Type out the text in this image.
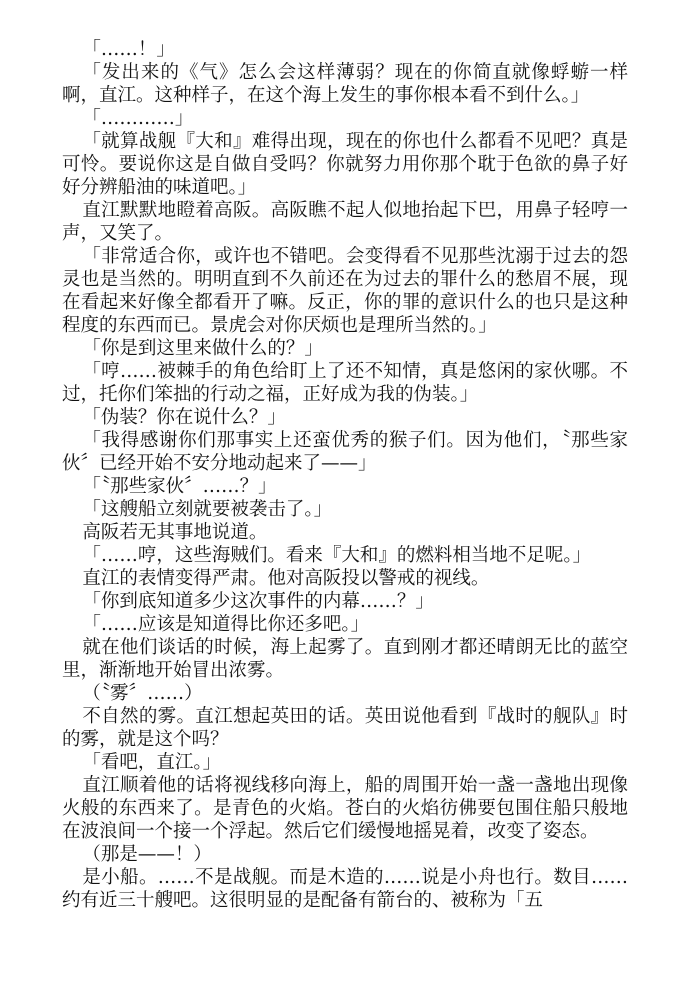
「……！」

「发出来的《气》怎么会这样薄弱？现在的你简直就像蜉蝣一样啊，直江。这种样子，在这个海上发生的事你根本看不到什么。」

「…………」

「就算战舰『大和』难得出现，现在的你也什么都看不见吧？真是可怜。要说你这是自做自受吗？你就努力用你那个耽于色欲的鼻子好好分辨船油的味道吧。」

直江默默地瞪着高阪。高阪瞧不起人似地抬起下巴，用鼻子轻哼一声，又笑了。

「非常适合你，或许也不错吧。会变得看不见那些沈溺于过去的怨灵也是当然的。明明直到不久前还在为过去的罪什么的愁眉不展，现在看起来好像全都看开了嘛。反正，你的罪的意识什么的也只是这种程度的东西而已。景虎会对你厌烦也是理所当然的。」

「你是到这里来做什么的？」

「哼……被棘手的角色给盯上了还不知情，真是悠闲的家伙哪。不过，托你们笨拙的行动之福，正好成为我的伪装。」

「伪装？你在说什么？」

「我得感谢你们那事实上还蛮优秀的猴子们。因为他们，〝那些家伙〞已经开始不安分地动起来了——」

「〝那些家伙〞……？」

「这艘船立刻就要被袭击了。」

高阪若无其事地说道。

「……哼，这些海贼们。看来『大和』的燃料相当地不足呢。」

直江的表情变得严肃。他对高阪投以警戒的视线。

「你到底知道多少这次事件的内幕……？」

「……应该是知道得比你还多吧。」

就在他们谈话的时候，海上起雾了。直到刚才都还晴朗无比的蓝空里，渐渐地开始冒出浓雾。

（〝雾〞……）

不自然的雾。直江想起英田的话。英田说他看到『战时的舰队』时的雾，就是这个吗？

「看吧，直江。」

直江顺着他的话将视线移向海上，船的周围开始一盏一盏地出现像火般的东西来了。是青色的火焰。苍白的火焰彷佛要包围住船只般地在波浪间一个接一个浮起。然后它们缓慢地摇晃着，改变了姿态。

（那是——！）

是小船。……不是战舰。而是木造的……说是小舟也行。数目……约有近三十艘吧。这很明显的是配备有箭台的、被称为「五
